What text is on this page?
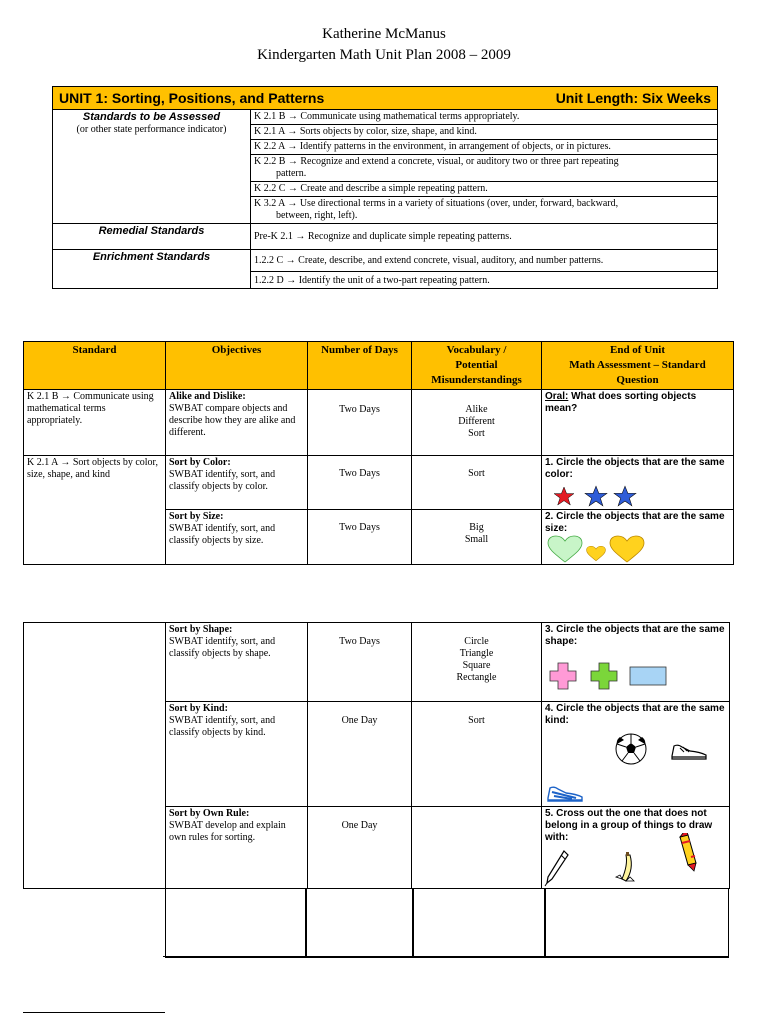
Katherine McManus
Kindergarten Math Unit Plan 2008 – 2009
UNIT 1: Sorting, Positions, and Patterns Unit Length: Six Weeks	

Standards to be Assessed
(or other state performance indicator)	K 2.1 B → Communicate using mathematical terms appropriately.
	K 2.1 A → Sorts objects by color, size, shape, and kind.
	K 2.2 A → Identify patterns in the environment, in arrangement of objects, or in pictures.
	K 2.2 B → Recognize and extend a concrete, visual, or auditory two or three part repeating
pattern.

	K 2.2 C → Create and describe a simple repeating pattern.
	K 3.2 A → Use directional terms in a variety of situations (over, under, forward, backward,
between, right, left).

Remedial Standards	Pre-K 2.1 → Recognize and duplicate simple repeating patterns.
Enrichment Standards	1.2.2 C → Create, describe, and extend concrete, visual, auditory, and number patterns.
	1.2.2 D → Identify the unit of a two-part repeating pattern.
Standard	Objectives	Number of Days	Vocabulary /
Potential
Misunderstandings	End of Unit
Math Assessment – Standard
Question
K 2.1 B → Communicate using mathematical terms appropriately.	Alike and Dislike:
SWBAT compare objects and describe how they are alike and different.	Two Days	Alike
Different
Sort	Oral: What does sorting objects mean?
K 2.1 A → Sort objects by color, size, shape, and kind	Sort by Color:
SWBAT identify, sort, and classify objects by color.	Two Days	Sort	1. Circle the objects that are the same color:

	Sort by Size:
SWBAT identify, sort, and classify objects by size.	Two Days	Big
Small	2. Circle the objects that are the same size:

	Sort by Shape:
SWBAT identify, sort, and classify objects by shape.	Two Days	Circle
Triangle
Square
Rectangle	3. Circle the objects that are the same shape:

	Sort by Kind:
SWBAT identify, sort, and classify objects by kind.	One Day	Sort	4. Circle the objects that are the same kind:

	Sort by Own Rule:
SWBAT develop and explain own rules for sorting.	One Day		5. Cross out the one that does not belong in a group of things to draw with:
